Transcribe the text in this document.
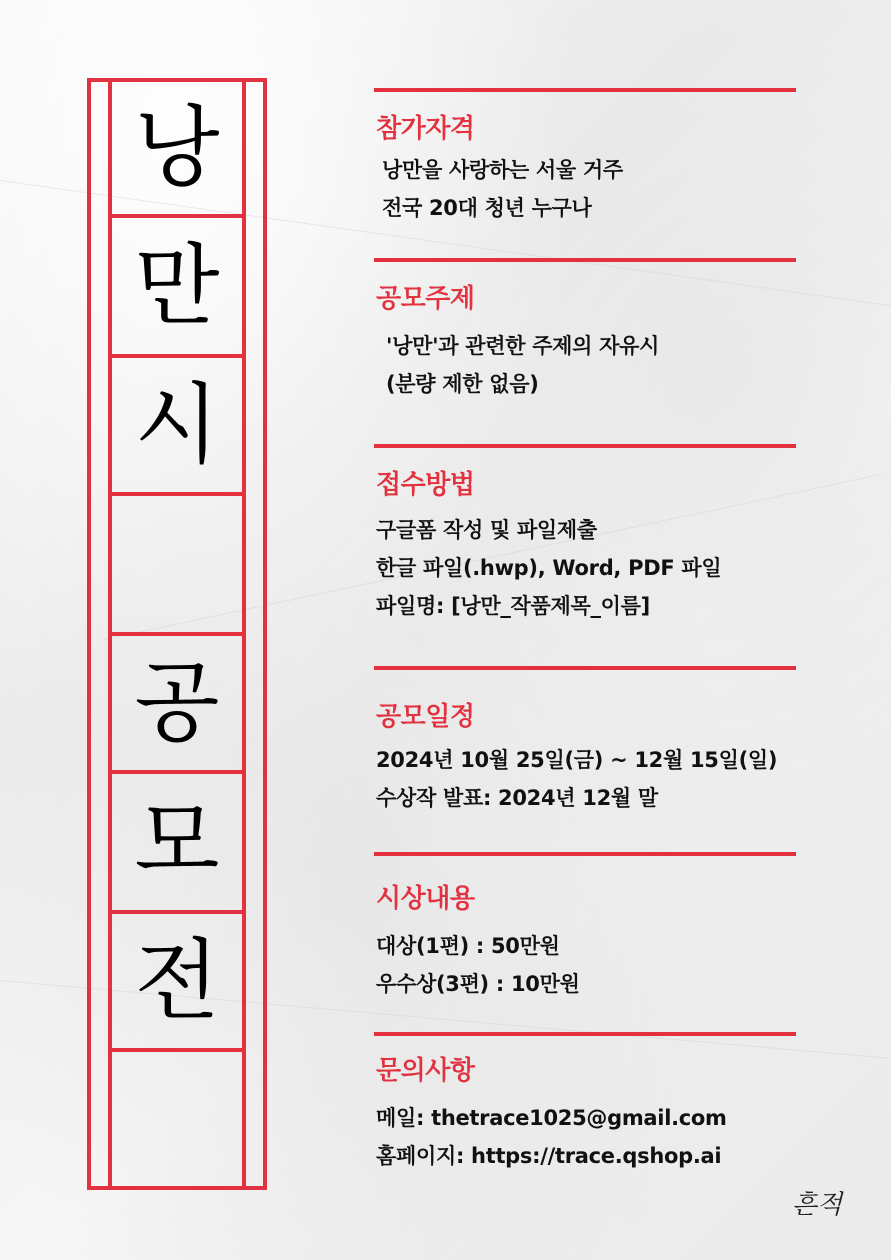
낭
만
시
공
모
전
참가자격

낭만을 사랑하는 서울 거주

전국 20대 청년 누구나

공모주제

'낭만'과 관련한 주제의 자유시

(분량 제한 없음)

접수방법

구글폼 작성 및 파일제출

한글 파일(.hwp), Word, PDF 파일

파일명: [낭만_작품제목_이름]

공모일정

2024년 10월 25일(금) ~ 12월 15일(일)

수상작 발표: 2024년 12월 말

시상내용

대상(1편) : 50만원

우수상(3편) : 10만원

문의사항

메일: thetrace1025@gmail.com

홈페이지: https://trace.qshop.ai

흔적
